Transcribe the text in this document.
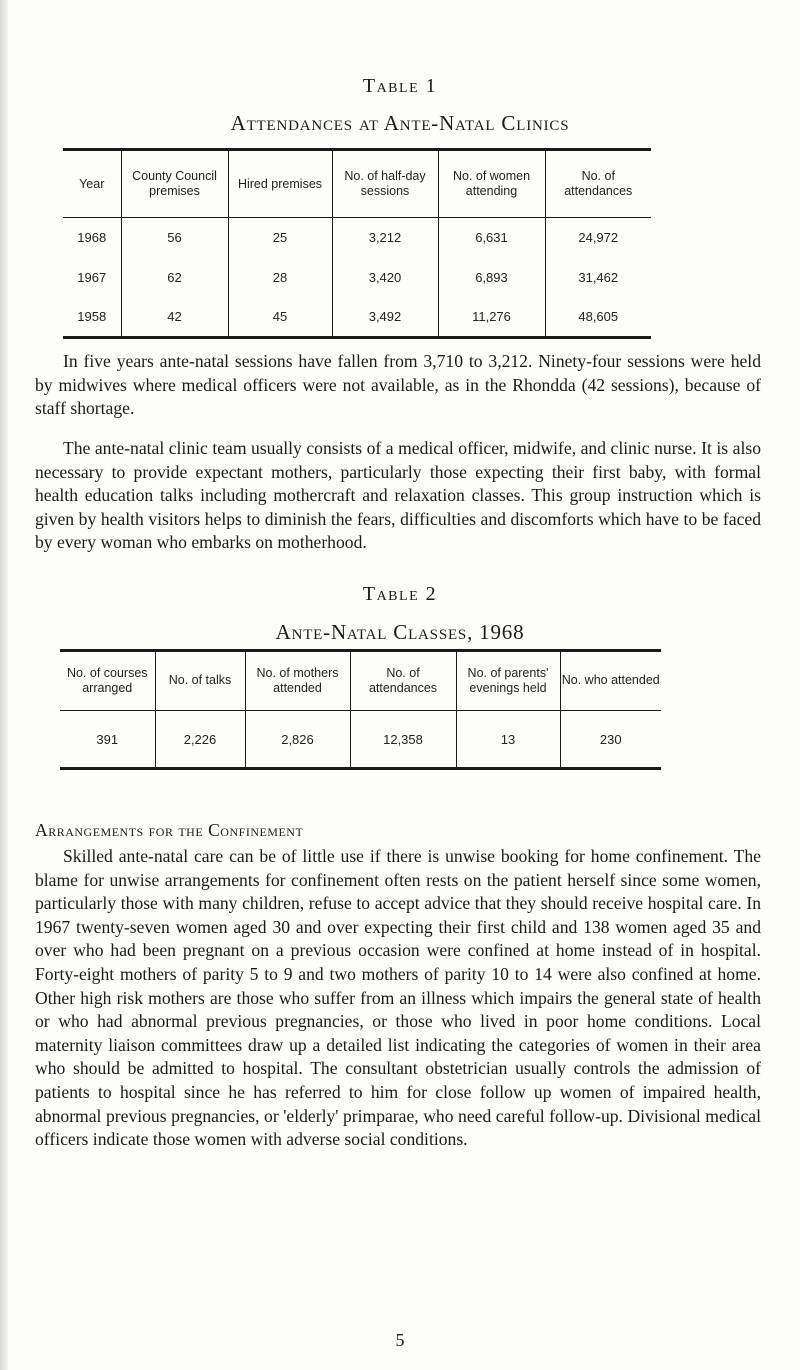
Table 1
Attendances at Ante-Natal Clinics
Year	County Council premises	Hired premises	No. of half-day sessions	No. of women attending	No. of attendances
1968	56	25	3,212	6,631	24,972
1967	62	28	3,420	6,893	31,462
1958	42	45	3,492	11,276	48,605
In five years ante-natal sessions have fallen from 3,710 to 3,212. Ninety-four sessions were held by midwives where medical officers were not available, as in the Rhondda (42 sessions), because of staff shortage.
The ante-natal clinic team usually consists of a medical officer, midwife, and clinic nurse. It is also necessary to provide expectant mothers, particularly those expecting their first baby, with formal health education talks including mothercraft and relaxation classes. This group instruction which is given by health visitors helps to diminish the fears, difficulties and discomforts which have to be faced by every woman who embarks on motherhood.
Table 2
Ante-Natal Classes, 1968
No. of courses arranged	No. of talks	No. of mothers attended	No. of attendances	No. of parents' evenings held	No. who attended
391	2,226	2,826	12,358	13	230
Arrangements for the Confinement
Skilled ante-natal care can be of little use if there is unwise booking for home confinement. The blame for unwise arrangements for confinement often rests on the patient herself since some women, particularly those with many children, refuse to accept advice that they should receive hospital care. In 1967 twenty-seven women aged 30 and over expecting their first child and 138 women aged 35 and over who had been pregnant on a previous occasion were confined at home instead of in hospital. Forty-eight mothers of parity 5 to 9 and two mothers of parity 10 to 14 were also confined at home. Other high risk mothers are those who suffer from an illness which impairs the general state of health or who had abnormal previous pregnancies, or those who lived in poor home conditions. Local maternity liaison committees draw up a detailed list indicating the categories of women in their area who should be admitted to hospital. The consultant obstetrician usually controls the admission of patients to hospital since he has referred to him for close follow up women of impaired health, abnormal previous pregnancies, or 'elderly' primparae, who need careful follow-up. Divisional medical officers indicate those women with adverse social conditions.
5
